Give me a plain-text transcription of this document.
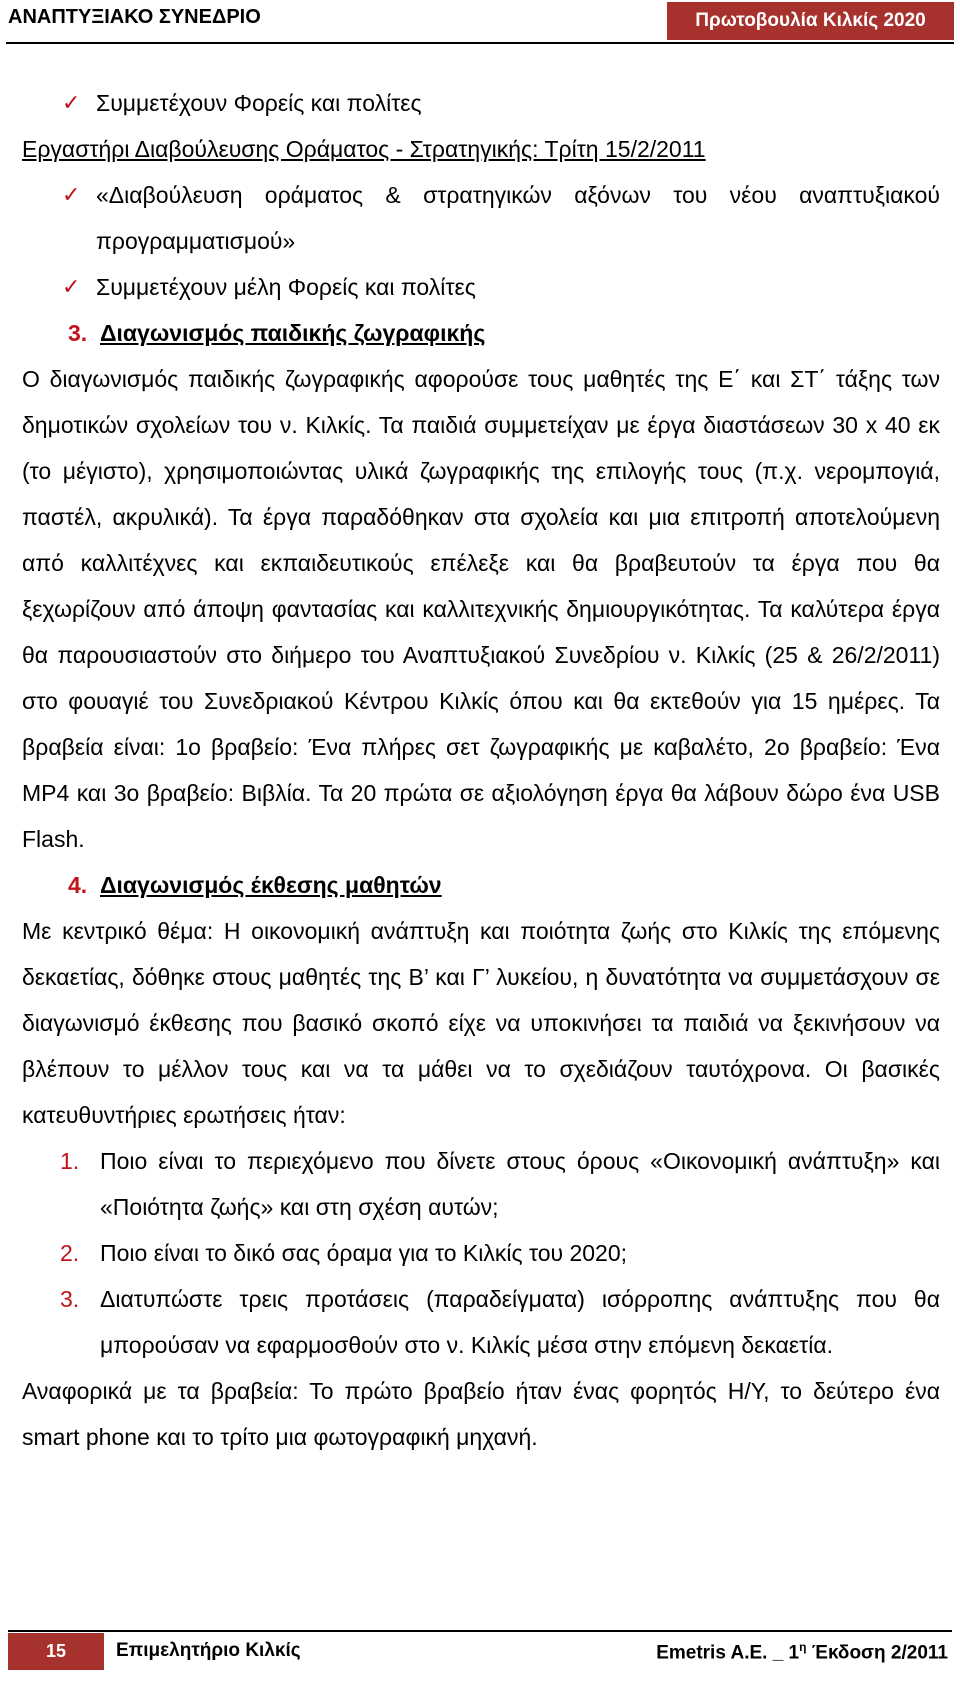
ΑΝΑΠΤΥΞΙΑΚΟ ΣΥΝΕΔΡΙΟ	Πρωτοβουλία Κιλκίς 2020
✓ Συμμετέχουν Φορείς και πολίτες

Εργαστήρι Διαβούλευσης Οράματος - Στρατηγικής: Τρίτη 15/2/2011

✓ «Διαβούλευση οράματος & στρατηγικών αξόνων του νέου αναπτυξιακού προγραμματισμού»
✓ Συμμετέχουν μέλη Φορείς και πολίτες
3. Διαγωνισμός παιδικής ζωγραφικής

Ο διαγωνισμός παιδικής ζωγραφικής αφορούσε τους μαθητές της Ε΄ και ΣΤ΄ τάξης των δημοτικών σχολείων του ν. Κιλκίς. Τα παιδιά συμμετείχαν με έργα διαστάσεων 30 x 40 εκ (το μέγιστο), χρησιμοποιώντας υλικά ζωγραφικής της επιλογής τους (π.χ. νερομπογιά, παστέλ, ακρυλικά). Τα έργα παραδόθηκαν στα σχολεία και μια επιτροπή αποτελούμενη από καλλιτέχνες και εκπαιδευτικούς επέλεξε και θα βραβευτούν τα έργα που θα ξεχωρίζουν από άποψη φαντασίας και καλλιτεχνικής δημιουργικότητας. Τα καλύτερα έργα θα παρουσιαστούν στο διήμερο του Αναπτυξιακού Συνεδρίου ν. Κιλκίς (25 & 26/2/2011) στο φουαγιέ του Συνεδριακού Κέντρου Κιλκίς όπου και θα εκτεθούν για 15 ημέρες. Τα βραβεία είναι: 1ο βραβείο: Ένα πλήρες σετ ζωγραφικής με καβαλέτο, 2ο βραβείο: Ένα MP4 και 3ο βραβείο: Βιβλία. Τα 20 πρώτα σε αξιολόγηση έργα θα λάβουν δώρο ένα USB Flash.

4. Διαγωνισμός έκθεσης μαθητών

Με κεντρικό θέμα: Η οικονομική ανάπτυξη και ποιότητα ζωής στο Κιλκίς της επόμενης δεκαετίας, δόθηκε στους μαθητές της Β’ και Γ’ λυκείου, η δυνατότητα να συμμετάσχουν σε διαγωνισμό έκθεσης που βασικό σκοπό είχε να υποκινήσει τα παιδιά να ξεκινήσουν να βλέπουν το μέλλον τους και να τα μάθει να το σχεδιάζουν ταυτόχρονα. Οι βασικές κατευθυντήριες ερωτήσεις ήταν:

1. Ποιο είναι το περιεχόμενο που δίνετε στους όρους «Οικονομική ανάπτυξη» και «Ποιότητα ζωής» και στη σχέση αυτών;
2. Ποιο είναι το δικό σας όραμα για το Κιλκίς του 2020;
3. Διατυπώστε τρεις προτάσεις (παραδείγματα) ισόρροπης ανάπτυξης που θα μπορούσαν να εφαρμοσθούν στο ν. Κιλκίς μέσα στην επόμενη δεκαετία.

Αναφορικά με τα βραβεία: Το πρώτο βραβείο ήταν ένας φορητός Η/Υ, το δεύτερο ένα smart phone και το τρίτο μια φωτογραφική μηχανή.

15	Επιμελητήριο Κιλκίς	Emetris A.E. _ $1^\eta$ Έκδοση 2/2011
